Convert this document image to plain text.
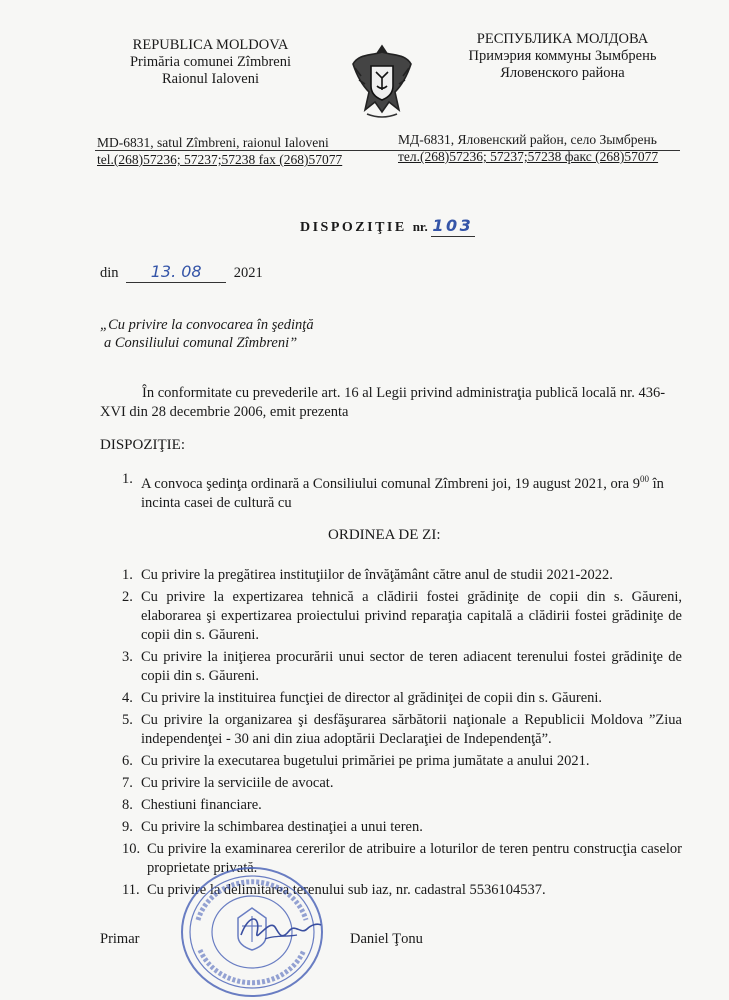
REPUBLICA MOLDOVA
Primăria comunei Zîmbreni
Raionul Ialoveni
РЕСПУБЛИКА МОЛДОВА
Примэрия коммуны Зымбрень
Яловенского района
MD-6831, satul Zîmbreni, raionul Ialoveni
tel.(268)57236; 57237;57238 fax (268)57077
МД-6831, Яловенский район, село Зымбрень
тел.(268)57236; 57237;57238 факс (268)57077
DISPOZIŢIE nr. 103
din 13. 08 2021
„Cu privire la convocarea în şedinţă
a Consiliului comunal Zîmbreni”
În conformitate cu prevederile art. 16 al Legii privind administraţia publică locală nr. 436-XVI din 28 decembrie 2006, emit prezenta
DISPOZIŢIE:
1. A convoca şedinţa ordinară a Consiliului comunal Zîmbreni joi, 19 august 2021, ora $9^{00}$ în incinta casei de cultură cu
ORDINEA DE ZI:
1. Cu privire la pregătirea instituţiilor de învăţământ către anul de studii 2021-2022.
2. Cu privire la expertizarea tehnică a clădirii fostei grădiniţe de copii din s. Găureni, elaborarea şi expertizarea proiectului privind reparaţia capitală a clădirii fostei grădiniţe de copii din s. Găureni.
3. Cu privire la iniţierea procurării unui sector de teren adiacent terenului fostei grădiniţe de copii din s. Găureni.
4. Cu privire la instituirea funcţiei de director al grădiniţei de copii din s. Găureni.
5. Cu privire la organizarea şi desfăşurarea sărbătorii naţionale a Republicii Moldova ”Ziua independenţei - 30 ani din ziua adoptării Declaraţiei de Independenţă”.
6. Cu privire la executarea bugetului primăriei pe prima jumătate a anului 2021.
7. Cu privire la serviciile de avocat.
8. Chestiuni financiare.
9. Cu privire la schimbarea destinaţiei a unui teren.
10. Cu privire la examinarea cererilor de atribuire a loturilor de teren pentru construcţia caselor proprietate privată.
11. Cu privire la delimitarea terenului sub iaz, nr. cadastral 5536104537.
Primar	Daniel Ţonu
